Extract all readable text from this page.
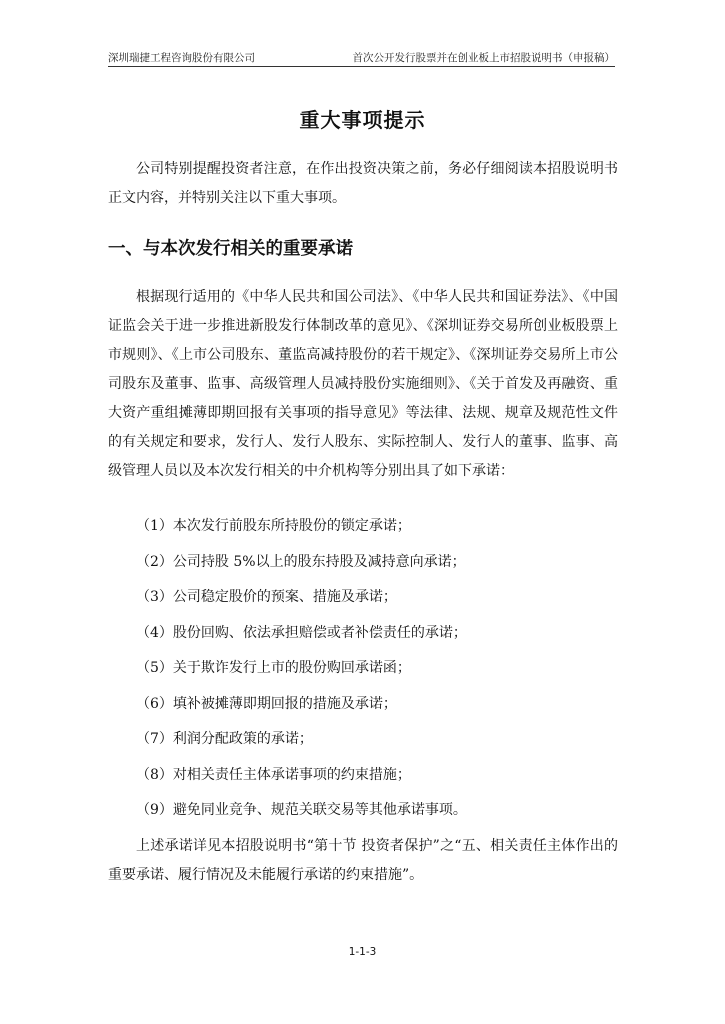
深圳瑞捷工程咨询股份有限公司	首次公开发行股票并在创业板上市招股说明书（申报稿）
重大事项提示

公司特别提醒投资者注意，在作出投资决策之前，务必仔细阅读本招股说明书正文内容，并特别关注以下重大事项。

一、与本次发行相关的重要承诺

根据现行适用的《中华人民共和国公司法》、《中华人民共和国证券法》、《中国证监会关于进一步推进新股发行体制改革的意见》、《深圳证券交易所创业板股票上市规则》、《上市公司股东、董监高减持股份的若干规定》、《深圳证券交易所上市公司股东及董事、监事、高级管理人员减持股份实施细则》、《关于首发及再融资、重大资产重组摊薄即期回报有关事项的指导意见》等法律、法规、规章及规范性文件的有关规定和要求，发行人、发行人股东、实际控制人、发行人的董事、监事、高级管理人员以及本次发行相关的中介机构等分别出具了如下承诺：

（1）本次发行前股东所持股份的锁定承诺；
（2）公司持股 5%以上的股东持股及减持意向承诺；
（3）公司稳定股价的预案、措施及承诺；
（4）股份回购、依法承担赔偿或者补偿责任的承诺；
（5）关于欺诈发行上市的股份购回承诺函；
（6）填补被摊薄即期回报的措施及承诺；
（7）利润分配政策的承诺；
（8）对相关责任主体承诺事项的约束措施；
（9）避免同业竞争、规范关联交易等其他承诺事项。

上述承诺详见本招股说明书“第十节 投资者保护”之“五、相关责任主体作出的重要承诺、履行情况及未能履行承诺的约束措施”。

1-1-3
